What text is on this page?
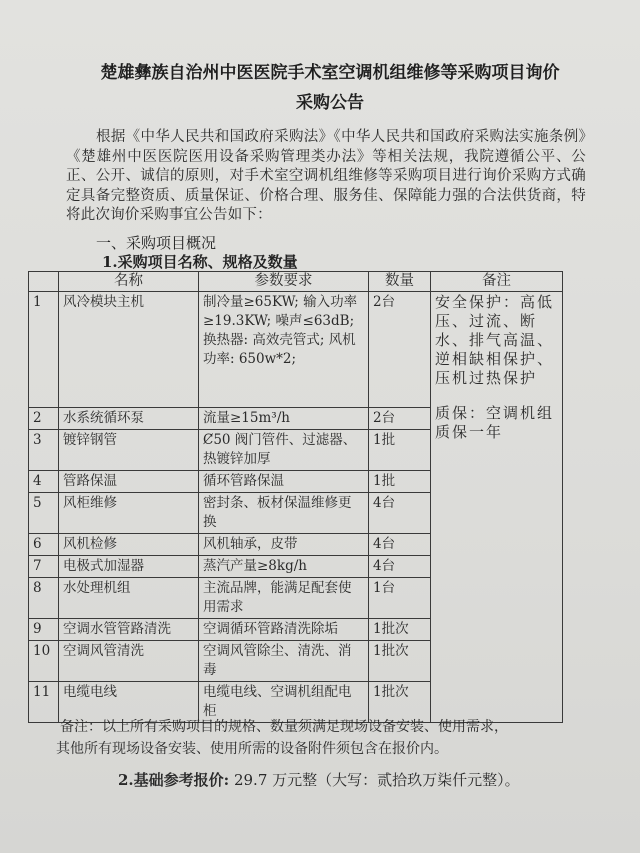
楚雄彝族自治州中医医院手术室空调机组维修等采购项目询价
采购公告
根据《中华人民共和国政府采购法》《中华人民共和国政府采购法实施条例》《楚雄州中医医院医用设备采购管理类办法》等相关法规，我院遵循公平、公正、公开、诚信的原则，对手术室空调机组维修等采购项目进行询价采购方式确定具备完整资质、质量保证、价格合理、服务佳、保障能力强的合法供货商，特将此次询价采购事宜公告如下：
一、采购项目概况
1.采购项目名称、规格及数量
	名称	参数要求	数量	备注
1	风冷模块主机	制冷量≥65KW; 输入功率≥19.3KW; 噪声≤63dB; 换热器: 高效壳管式; 风机功率: 650w*2;	2台	安全保护：高低压、过流、断水、排气高温、逆相缺相保护、压机过热保护
质保：空调机组质保一年

2	水系统循环泵	流量≥15m³/h	2台	
3	镀锌钢管	Ȼ50 阀门管件、过滤器、热镀锌加厚	1批	
4	管路保温	循环管路保温	1批	
5	风柜维修	密封条、板材保温维修更换	4台	
6	风机检修	风机轴承，皮带	4台	
7	电极式加湿器	蒸汽产量≥8kg/h	4台	
8	水处理机组	主流品牌，能满足配套使用需求	1台	
9	空调水管管路清洗	空调循环管路清洗除垢	1批次	
10	空调风管清洗	空调风管除尘、清洗、消毒	1批次	
11	电缆电线	电缆电线、空调机组配电柜	1批次	
备注：以上所有采购项目的规格、数量须满足现场设备安装、使用需求，
其他所有现场设备安装、使用所需的设备附件须包含在报价内。
2.基础参考报价: 29.7 万元整（大写：贰拾玖万柒仟元整）。
